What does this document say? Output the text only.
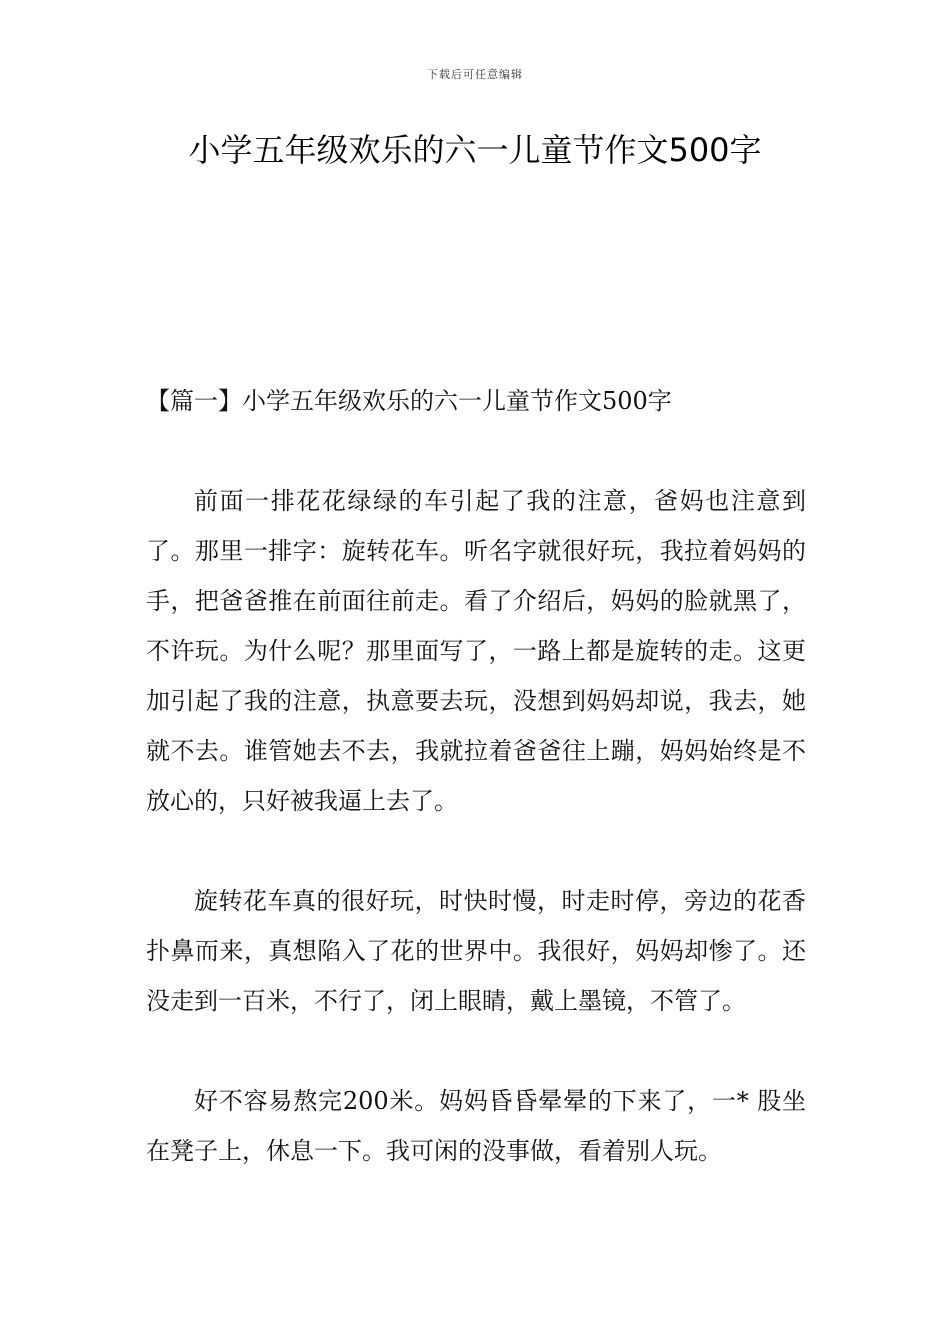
下载后可任意编辑
小学五年级欢乐的六一儿童节作文500字

【篇一】小学五年级欢乐的六一儿童节作文500字

前面一排花花绿绿的车引起了我的注意，爸妈也注意到了。那里一排字：旋转花车。听名字就很好玩，我拉着妈妈的手，把爸爸推在前面往前走。看了介绍后，妈妈的脸就黑了，不许玩。为什么呢？那里面写了，一路上都是旋转的走。这更加引起了我的注意，执意要去玩，没想到妈妈却说，我去，她就不去。谁管她去不去，我就拉着爸爸往上蹦，妈妈始终是不放心的，只好被我逼上去了。

旋转花车真的很好玩，时快时慢，时走时停，旁边的花香扑鼻而来，真想陷入了花的世界中。我很好，妈妈却惨了。还没走到一百米，不行了，闭上眼睛，戴上墨镜，不管了。

好不容易熬完200米。妈妈昏昏晕晕的下来了，一* 股坐在凳子上，休息一下。我可闲的没事做，看着别人玩。
